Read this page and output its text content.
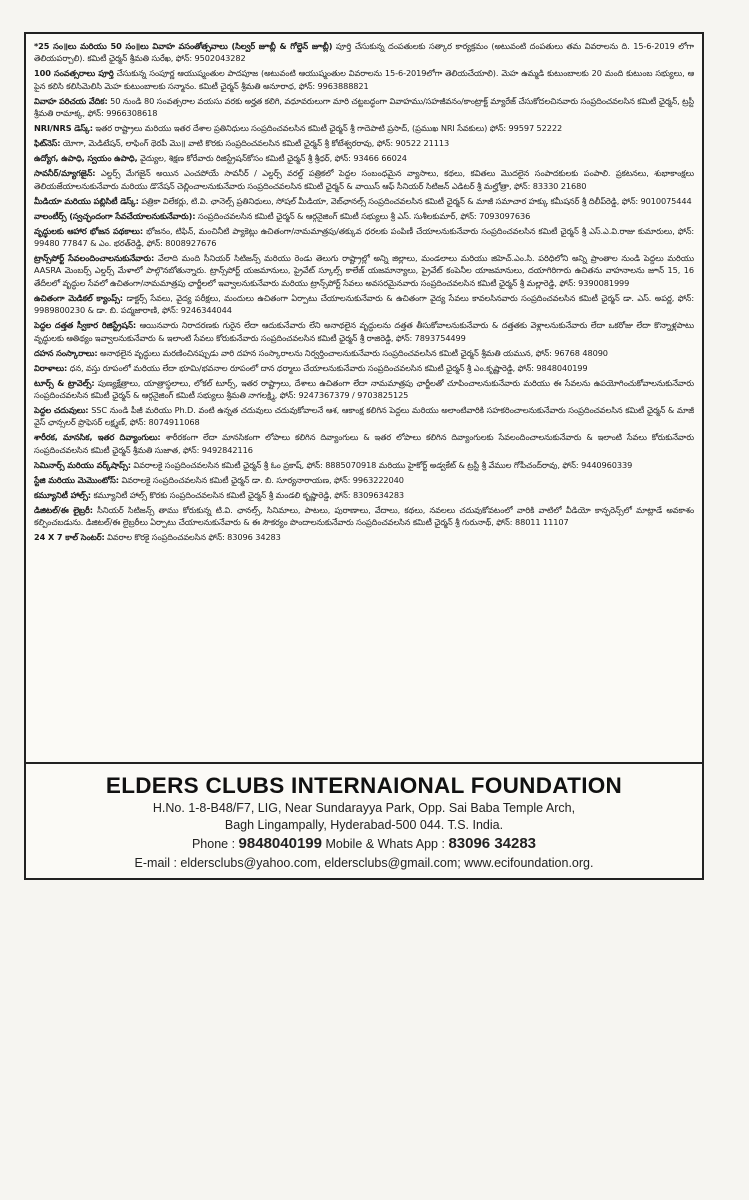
*25 సం॥లు మరియు 50 సం॥లు వివాహ వసంతోత్సవాలు (సిల్వర్ జూబ్లీ & గోల్డెన్ జూబ్లీ) పూర్తి చేసుకున్న దంపతులకు సత్కార కార్యక్రమం (అటువంటి దంపతులు తమ వివరాలను ది. 15-6-2019 లోగా తెలియపర్చాలి). కమిటీ ఛైర్మన్ శ్రీమతి సురేఖ, ఫోన్: 9502043282
100 సంవత్సరాలు పూర్తి చేసుకున్న సంపూర్ణ ఆయుష్మంతుల పాదపూజ (అటువంటి ఆయుష్మంతుల వివరాలను 15-6-2019లోగా తెలియచేయాలి). మెహ ఉమ్మడి కుటుంబాలకు 20 మంది కుటుంబ సభ్యులు, ఆ పైన కలిసి కలిసిమెలిసి మెహ కుటుంబాలకు సన్మానం. కమిటీ ఛైర్మన్ శ్రీమతి అనూరాధ, ఫోన్: 9963888821
వివాహ పరిచయ వేదిక: 50 నుండి 80 సంవత్సరాల వయసు వరకు అర్హత కలిగి, వధూవరులుగా మారి చట్టబద్ధంగా వివాహము/సహజీవనం/కాంట్రాక్ట్ మ్యారేజ్ చేసుకోదలచినవారు సంప్రదించవలసిన కమిటీ ఛైర్మన్, ట్రస్టీ శ్రీమతి రామాక్క, ఫోన్: 9966308618
NRI/NRS డెస్క్: ఇతర రాష్ట్రాలు మరియు ఇతర దేశాల ప్రతినిధులు సంప్రదించవలసిన కమిటీ ఛైర్మన్ శ్రీ గాదెపాటి ప్రసాద్, (ప్రముఖ NRI సేవకులు) ఫోన్: 99597 52222
ఫిట్‌నెస్: యోగా, మెడిటేషన్, లాఫింగ్ థెరపీ మొ॥ వాటి కొరకు సంప్రదించవలసిన కమిటీ ఛైర్మన్ శ్రీ కోటేశ్వరరావు, ఫోన్: 90522 21113
ఉద్యోగ, ఉపాధి, స్వయం ఉపాధి, వైద్యుల, శిక్షణ కోరేవారు రిజిస్ట్రేషన్‌కోసం కమిటీ ఛైర్మన్ శ్రీ శ్రీధర్, ఫోన్: 93466 66024
సావనీర్/మ్యాగజైన్: ఎల్డర్స్ మేగజైన్ అయిన ఎంచపోయే సావనీర్ / ఎల్డర్స్ వరల్డ్ పత్రికలో పెద్దల సంబంధమైన వ్యాసాలు, కథలు, కవితలు మొదలైన సంపాదకులకు పంపాలి. ప్రకటనలు, శుభాకాంక్షలు తెలియజేయాలనుకునేవారు మరియు డొనేషన్ చెల్లించాలనుకునేవారు సంప్రదించవలసిన కమిటీ ఛైర్మన్ & వాయిస్ ఆఫ్ సీనియర్ సిటిజన్ ఎడిటర్ శ్రీ మల్హోత్రా, ఫోన్: 83330 21680
మీడియా మరియు పబ్లిసిటీ డెస్క్: పత్రికా విలేకర్లు, టి.వి. ఛానెల్స్ ప్రతినిధులు, సోషల్ మీడియా, వెబ్‌ఛానల్స్ సంప్రదించవలసిన కమిటీ ఛైర్మన్ & మాజీ సమాచార హక్కు కమీషనర్ శ్రీ దిలీప్‌రెడ్డి, ఫోన్: 9010075444
వాలంటీర్స్ (స్వచ్ఛందంగా సేవచేయాలనుకునేవారు): సంప్రదించవలసిన కమిటీ ఛైర్మన్ & ఆర్గనైజింగ్ కమిటీ సభ్యులు శ్రీ ఎస్. సుశీలకుమార్, ఫోన్: 7093097636
వృద్ధులకు ఆహార భోజన పథకాలు: భోజనం, టిఫిన్, మంచినీటి ప్యాకెట్లు ఉచితంగా/నామమాత్రపు/తక్కువ ధరలకు పంపిణీ చేయాలనుకునేవారు సంప్రదించవలసిన కమిటీ ఛైర్మన్ శ్రీ ఎస్.ఎ.వి.రాజు కుమారులు, ఫోన్: 99480 77847 & ఎం. భరత్‌రెడ్డి, ఫోన్: 8008927676
ట్రాన్స్‌పోర్ట్ సేవలందించాలనుకునేవారు: వేలాది మంది సీనియర్ సిటిజన్స్ మరియు రెండు తెలుగు రాష్ట్రాల్లో అన్ని జిల్లాలు, మండలాలు మరియు జిహెచ్.ఎం.సి. పరిధిలోని అన్ని ప్రాంతాల నుండి పెద్దలు మరియు AASRA మెంబర్స్ ఎల్డర్స్ మేళాలో పాల్గొనబోతున్నారు. ట్రాన్స్‌పోర్ట్ యజమానులు, ప్రైవేట్ స్కూల్స్ కాలేజ్ యజమాన్యాలు, ప్రైవేట్ కంపెనీల యాజమానులు, దయాగిరిగారు ఉచితను వాహనాలను జూన్ 15, 16 తేదీలలో వృద్ధుల సేవలో ఉచితంగా/నామమాత్రపు ఛార్జీలలో ఇవ్వాలనుకునేవారు మరియు ట్రాన్స్‌పోర్ట్ సేవలు అవసరమైనవారు సంప్రదించవలసిన కమిటీ ఛైర్మన్ శ్రీ మల్లారెడ్డి, ఫోన్: 9390081999
ఉచితంగా మెడికల్ క్యాంప్స్: డాక్టర్స్ సేవలు, వైద్య పరీక్షలు, మందులు ఉచితంగా ఏర్పాటు చేయాలనుకునేవారు & ఉచితంగా వైద్య సేవలు కావలసినవారు సంప్రదించవలసిన కమిటీ ఛైర్మన్ డా. ఎస్. అపర్ణ, ఫోన్: 9989800230 & డా. బి. పద్మజారాణి, ఫోన్: 9246344044
పెద్దల దత్తత స్వీకార రిజిస్ట్రేషన్: ఆయినవారు నిరాదరణకు గురైన లేదా ఆదుకునేవారు లేని అనాథలైన వృద్ధులను దత్తత తీసుకోవాలనుకునేవారు & దత్తతకు వెళ్లాలనుకునేవారు లేదా ఒకరోజు లేదా కొన్నాళ్లపాటు వృద్ధులకు ఆతిథ్యం ఇవ్వాలనుకునేవారు & ఇలాంటి సేవలు కోరుకునేవారు సంప్రదించవలసిన కమిటీ ఛైర్మన్ శ్రీ రాజిరెడ్డి, ఫోన్: 7893754499
దహన సంస్కారాలు: అనాథలైన వృద్ధులు మరణించినప్పుడు వారి దహన సంస్కారాలను నిర్వర్తించాలనుకునేవారు సంప్రదించవలసిన కమిటీ ఛైర్మన్ శ్రీమతి యమున, ఫోన్: 96768 48090
విరాళాలు: ధన, వస్తు రూపంలో మరియు లేదా భూమి/భవనాల రూపంలో దాన ధర్మాలు చేయాలనుకునేవారు సంప్రదించవలసిన కమిటీ ఛైర్మన్ శ్రీ ఎం.కృష్ణారెడ్డి, ఫోన్: 9848040199
టూర్స్ & ట్రావెల్స్: పుణ్యక్షేత్రాలు, యాత్రాస్థలాలు, లోకల్ టూర్స్, ఇతర రాష్ట్రాలు, దేశాలు ఉచితంగా లేదా నామమాత్రపు ఛార్జీలతో చూపించాలనుకునేవారు మరియు ఈ సేవలను ఉపయోగించుకోవాలనుకునేవారు సంప్రదించవలసిన కమిటీ ఛైర్మన్ & ఆర్గనైజింగ్ కమిటీ సభ్యులు శ్రీమతి నాగలక్ష్మి, ఫోన్: 9247367379 / 9703825125
పెద్దల చదువులు: SSC నుండి పీజీ మరియు Ph.D. వంటి ఉన్నత చదువులు చదువుకోవాలనే ఆశ, ఆకాంక్ష కలిగిన పెద్దలు మరియు అలాంటివారికి సహకరించాలనుకునేవారు సంప్రదించవలసిన కమిటీ ఛైర్మన్ & మాజీ వైస్ ఛాన్సలర్ ప్రొఫెసర్ లక్ష్మణ్, ఫోన్: 8074911068
శారీరక, మానసిక, ఇతర దివ్యాంగులు: శారీరకంగా లేదా మానసికంగా లోపాలు కలిగిన దివ్యాంగులు & ఇతర లోపాలు కలిగిన దివ్యాంగులకు సేవలందించాలనుకునేవారు & ఇలాంటి సేవలు కోరుకునేవారు సంప్రదించవలసిన కమిటీ ఛైర్మన్ శ్రీమతి సుజాత, ఫోన్: 9492842116
సెమినార్స్ మరియు వర్క్‌షాప్స్: వివరాలకై సంప్రదించవలసిన కమిటీ ఛైర్మన్ శ్రీ ఓం ప్రకాష్, ఫోన్: 8885070918 మరియు హైకోర్ట్ అడ్వకేట్ & ట్రస్టీ శ్రీ వేముల గోపీచంద్‌రావు, ఫోన్: 9440960339
స్టేజి మరియు మెమొంటోస్: వివరాలకై సంప్రదించవలసిన కమిటీ ఛైర్మన్ డా. బి. సూర్యనారాయణ, ఫోన్: 9963222040
కమ్యూనిటీ హాల్స్: కమ్యూనిటీ హాల్స్ కొరకు సంప్రదించవలసిన కమిటీ ఛైర్మన్ శ్రీ మండలి కృష్ణారెడ్డి, ఫోన్: 8309634283
డిజిటల్/ఈ లైబ్రరీ: సీనియర్ సిటిజన్స్ తాము కోరుకున్న టి.వి. ఛానల్స్, సినిమాలు, పాటలు, పురాణాలు, వేదాలు, కథలు, నవలలు చదువుకోవటంలో వారికి వాటిలో వీడియో కాన్ఫరెన్స్‌లో మాట్లాడే అవకాశం కల్పించబడును. డిజిటల్/ఈ లైబ్రరీలు ఏర్పాటు చేయాలనుకునేవారు & ఈ సౌకర్యం పొందాలనుకునేవారు సంప్రదించవలసిన కమిటీ ఛైర్మన్ శ్రీ గురునాథ్, ఫోన్: 88011 11107
24 X 7 కాల్ సెంటర్: వివరాల కొరకై సంప్రదించవలసిన ఫోన్: 83096 34283
ELDERS CLUBS INTERNAIONAL FOUNDATION
H.No. 1-8-B48/F7, LIG, Near Sundarayya Park, Opp. Sai Baba Temple Arch,
Bagh Lingampally, Hyderabad-500 044. T.S. India.
Phone : 9848040199 Mobile & Whats App : 83096 34283
E-mail : eldersclubs@yahoo.com, eldersclubs@gmail.com; www.ecifoundation.org.
